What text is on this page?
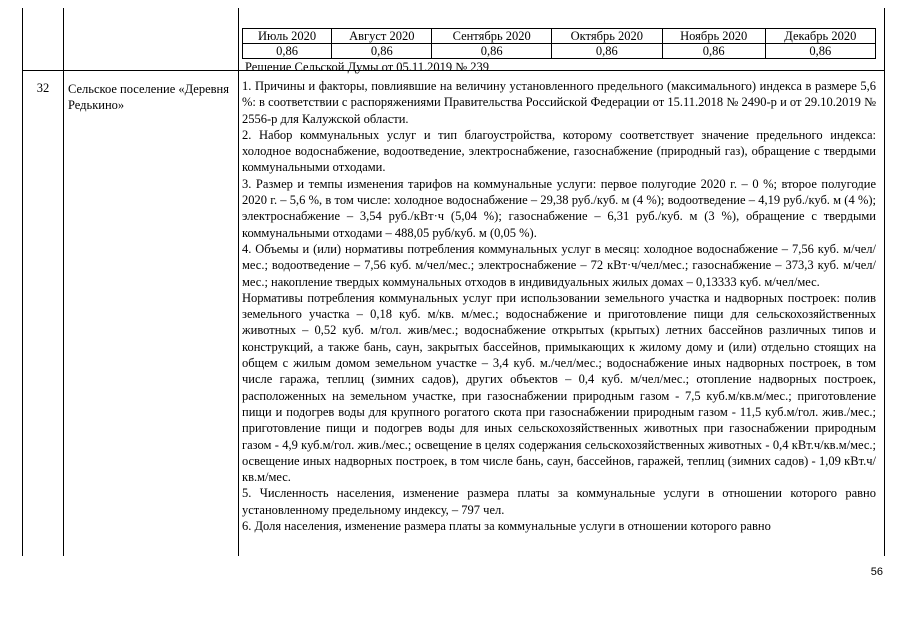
Июль 2020	Август 2020	Сентябрь 2020	Октябрь 2020	Ноябрь 2020	Декабрь 2020
0,86	0,86	0,86	0,86	0,86	0,86
Решение Сельской Думы от 05.11.2019 № 239
32	Сельское поселение «Деревня Редькино»

1. Причины и факторы, повлиявшие на величину установленного предельного (максимального) индекса в размере 5,6 %: в соответствии с распоряжениями Правительства Российской Федерации от 15.11.2018 № 2490-р и от 29.10.2019 № 2556-р для Калужской области.

2. Набор коммунальных услуг и тип благоустройства, которому соответствует значение предельного индекса: холодное водоснабжение, водоотведение, электроснабжение, газоснабжение (природный газ), обращение с твердыми коммунальными отходами.

3. Размер и темпы изменения тарифов на коммунальные услуги: первое полугодие 2020 г. – 0 %; второе полугодие 2020 г. – 5,6 %, в том числе: холодное водоснабжение – 29,38 руб./куб. м (4 %); водоотведение – 4,19 руб./куб. м (4 %); электроснабжение – 3,54 руб./кВт·ч (5,04 %); газоснабжение – 6,31 руб./куб. м (3 %), обращение с твердыми коммунальными отходами – 488,05 руб/куб. м (0,05 %).

4. Объемы и (или) нормативы потребления коммунальных услуг в месяц: холодное водоснабжение – 7,56 куб. м/чел/мес.; водоотведение – 7,56 куб. м/чел/мес.; электроснабжение – 72 кВт·ч/чел/мес.; газоснабжение – 373,3 куб. м/чел/мес.; накопление твердых коммунальных отходов в индивидуальных жилых домах – 0,13333 куб. м/чел/мес.

Нормативы потребления коммунальных услуг при использовании земельного участка и надворных построек: полив земельного участка – 0,18 куб. м/кв. м/мес.; водоснабжение и приготовление пищи для сельскохозяйственных животных – 0,52 куб. м/гол. жив/мес.; водоснабжение открытых (крытых) летних бассейнов различных типов и конструкций, а также бань, саун, закрытых бассейнов, примыкающих к жилому дому и (или) отдельно стоящих на общем с жилым домом земельном участке – 3,4 куб. м./чел/мес.; водоснабжение иных надворных построек, в том числе гаража, теплиц (зимних садов), других объектов – 0,4 куб. м/чел/мес.; отопление надворных построек, расположенных на земельном участке, при газоснабжении природным газом - 7,5 куб.м/кв.м/мес.; приготовление пищи и подогрев воды для крупного рогатого скота при газоснабжении природным газом - 11,5 куб.м/гол. жив./мес.; приготовление пищи и подогрев воды для иных сельскохозяйственных животных при газоснабжении природным газом - 4,9 куб.м/гол. жив./мес.; освещение в целях содержания сельскохозяйственных животных - 0,4 кВт.ч/кв.м/мес.; освещение иных надворных построек, в том числе бань, саун, бассейнов, гаражей, теплиц (зимних садов) - 1,09 кВт.ч/кв.м/мес.

5. Численность населения, изменение размера платы за коммунальные услуги в отношении которого равно установленному предельному индексу, – 797 чел.

6. Доля населения, изменение размера платы за коммунальные услуги в отношении которого равно

56
